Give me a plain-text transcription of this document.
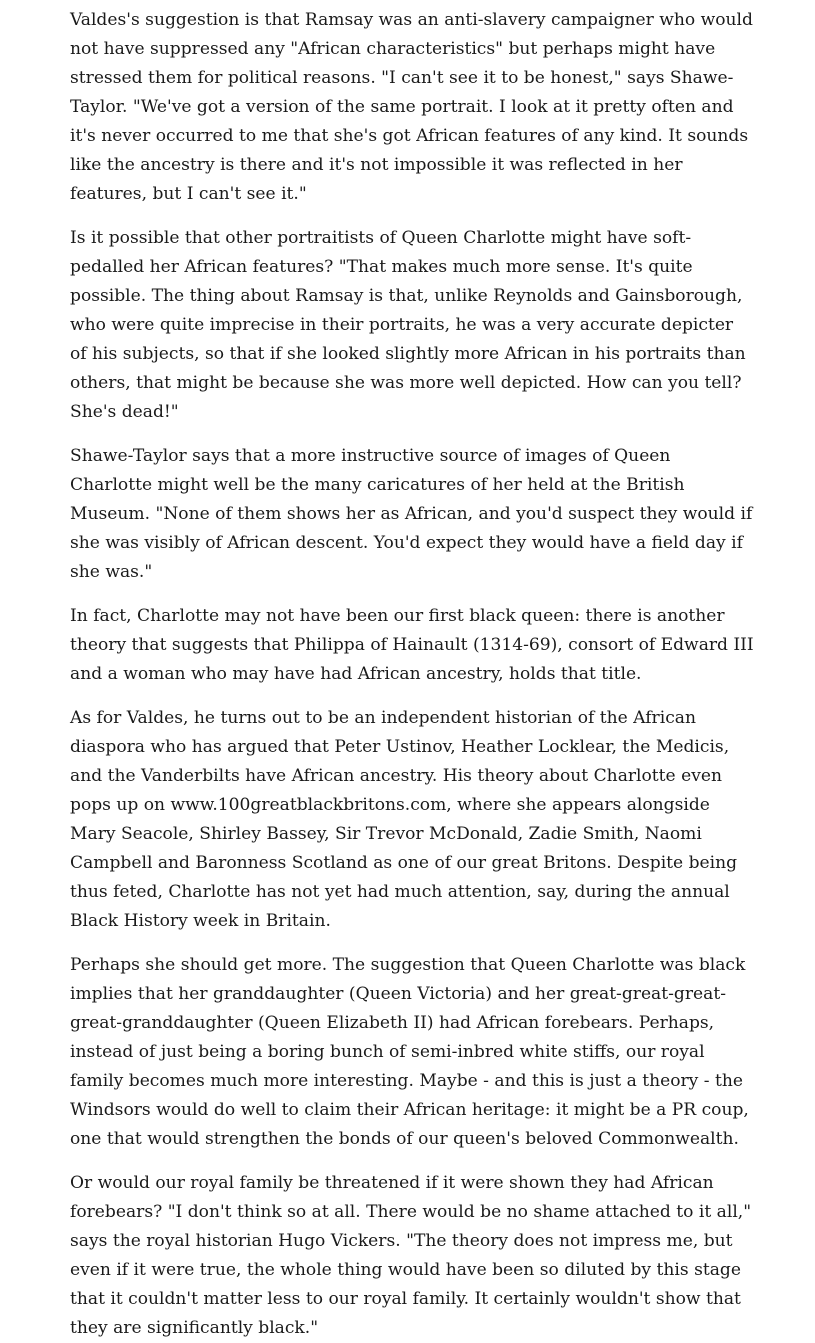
Valdes's suggestion is that Ramsay was an anti-slavery campaigner who would not have suppressed any "African characteristics" but perhaps might have stressed them for political reasons. "I can't see it to be honest," says Shawe-Taylor. "We've got a version of the same portrait. I look at it pretty often and it's never occurred to me that she's got African features of any kind. It sounds like the ancestry is there and it's not impossible it was reflected in her features, but I can't see it."

Is it possible that other portraitists of Queen Charlotte might have soft-pedalled her African features? "That makes much more sense. It's quite possible. The thing about Ramsay is that, unlike Reynolds and Gainsborough, who were quite imprecise in their portraits, he was a very accurate depicter of his subjects, so that if she looked slightly more African in his portraits than others, that might be because she was more well depicted. How can you tell? She's dead!"

Shawe-Taylor says that a more instructive source of images of Queen Charlotte might well be the many caricatures of her held at the British Museum. "None of them shows her as African, and you'd suspect they would if she was visibly of African descent. You'd expect they would have a field day if she was."

In fact, Charlotte may not have been our first black queen: there is another theory that suggests that Philippa of Hainault (1314-69), consort of Edward III and a woman who may have had African ancestry, holds that title.

As for Valdes, he turns out to be an independent historian of the African diaspora who has argued that Peter Ustinov, Heather Locklear, the Medicis, and the Vanderbilts have African ancestry. His theory about Charlotte even pops up on www.100greatblackbritons.com, where she appears alongside Mary Seacole, Shirley Bassey, Sir Trevor McDonald, Zadie Smith, Naomi Campbell and Baronness Scotland as one of our great Britons. Despite being thus feted, Charlotte has not yet had much attention, say, during the annual Black History week in Britain.

Perhaps she should get more. The suggestion that Queen Charlotte was black implies that her granddaughter (Queen Victoria) and her great-great-great-great-granddaughter (Queen Elizabeth II) had African forebears. Perhaps, instead of just being a boring bunch of semi-inbred white stiffs, our royal family becomes much more interesting. Maybe - and this is just a theory - the Windsors would do well to claim their African heritage: it might be a PR coup, one that would strengthen the bonds of our queen's beloved Commonwealth.

Or would our royal family be threatened if it were shown they had African forebears? "I don't think so at all. There would be no shame attached to it all," says the royal historian Hugo Vickers. "The theory does not impress me, but even if it were true, the whole thing would have been so diluted by this stage that it couldn't matter less to our royal family. It certainly wouldn't show that they are significantly black."
